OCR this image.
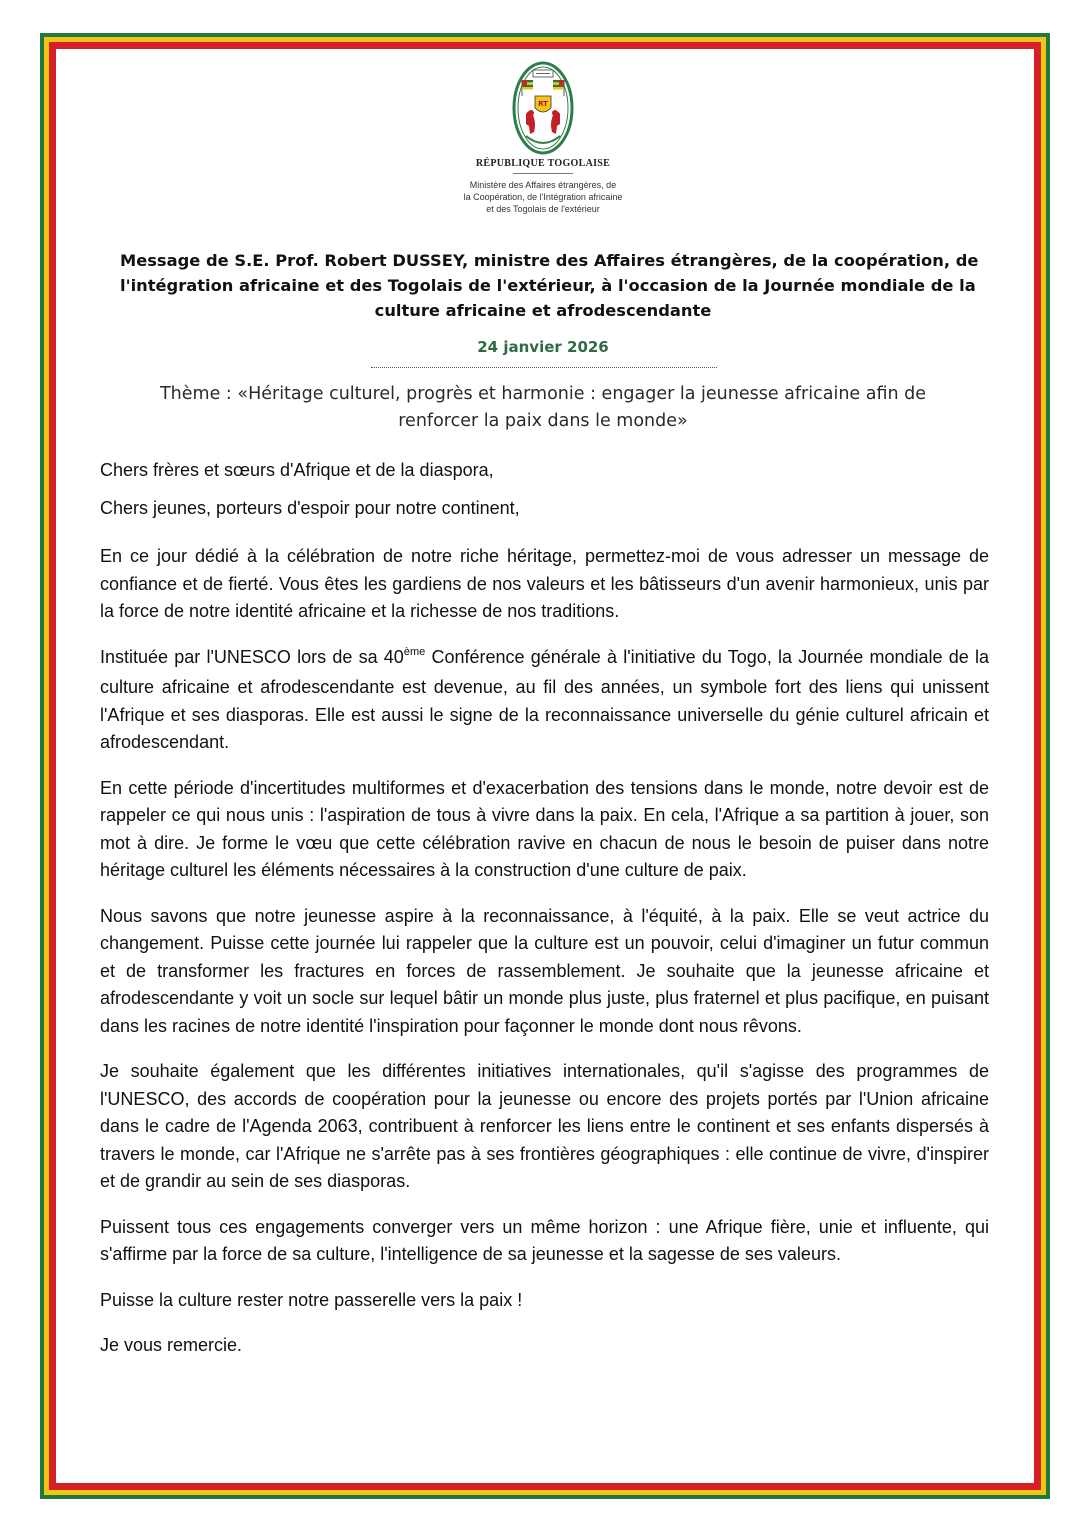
RT
RÉPUBLIQUE TOGOLAISE
Ministère des Affaires étrangères, de
la Coopération, de l'Intégration africaine
et des Togolais de l'extérieur
Message de S.E. Prof. Robert DUSSEY, ministre des Affaires étrangères, de la coopération, de
l'intégration africaine et des Togolais de l'extérieur, à l'occasion de la Journée mondiale de la
culture africaine et afrodescendante
24 janvier 2026
Thème : «Héritage culturel, progrès et harmonie : engager la jeunesse africaine afin de
renforcer la paix dans le monde»

Chers frères et sœurs d'Afrique et de la diaspora,

Chers jeunes, porteurs d'espoir pour notre continent,

En ce jour dédié à la célébration de notre riche héritage, permettez-moi de vous adresser un message de confiance et de fierté. Vous êtes les gardiens de nos valeurs et les bâtisseurs d'un avenir harmonieux, unis par la force de notre identité africaine et la richesse de nos traditions.

Instituée par l'UNESCO lors de sa 40ème Conférence générale à l'initiative du Togo, la Journée mondiale de la culture africaine et afrodescendante est devenue, au fil des années, un symbole fort des liens qui unissent l'Afrique et ses diasporas. Elle est aussi le signe de la reconnaissance universelle du génie culturel africain et afrodescendant.

En cette période d'incertitudes multiformes et d'exacerbation des tensions dans le monde, notre devoir est de rappeler ce qui nous unis : l'aspiration de tous à vivre dans la paix. En cela, l'Afrique a sa partition à jouer, son mot à dire. Je forme le vœu que cette célébration ravive en chacun de nous le besoin de puiser dans notre héritage culturel les éléments nécessaires à la construction d'une culture de paix.

Nous savons que notre jeunesse aspire à la reconnaissance, à l'équité, à la paix. Elle se veut actrice du changement. Puisse cette journée lui rappeler que la culture est un pouvoir, celui d'imaginer un futur commun et de transformer les fractures en forces de rassemblement. Je souhaite que la jeunesse africaine et afrodescendante y voit un socle sur lequel bâtir un monde plus juste, plus fraternel et plus pacifique, en puisant dans les racines de notre identité l'inspiration pour façonner le monde dont nous rêvons.

Je souhaite également que les différentes initiatives internationales, qu'il s'agisse des programmes de l'UNESCO, des accords de coopération pour la jeunesse ou encore des projets portés par l'Union africaine dans le cadre de l'Agenda 2063, contribuent à renforcer les liens entre le continent et ses enfants dispersés à travers le monde, car l'Afrique ne s'arrête pas à ses frontières géographiques : elle continue de vivre, d'inspirer et de grandir au sein de ses diasporas.

Puissent tous ces engagements converger vers un même horizon : une Afrique fière, unie et influente, qui s'affirme par la force de sa culture, l'intelligence de sa jeunesse et la sagesse de ses valeurs.

Puisse la culture rester notre passerelle vers la paix !

Je vous remercie.
